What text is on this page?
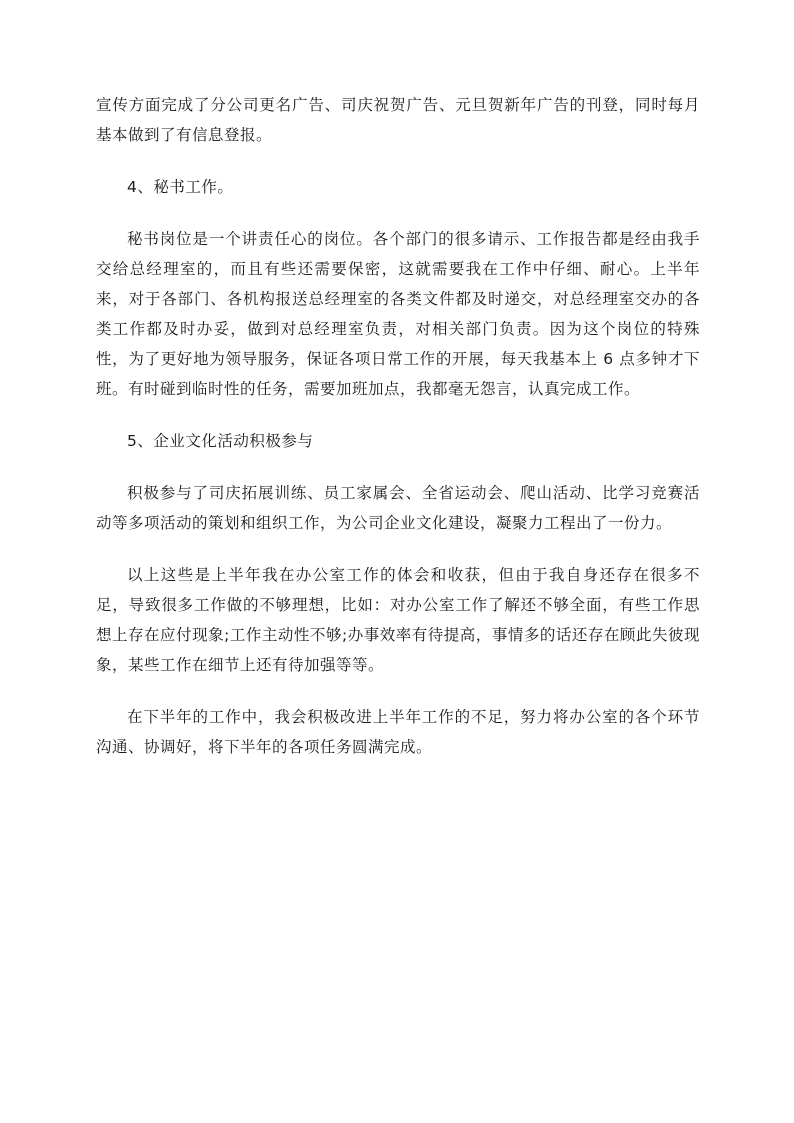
宣传方面完成了分公司更名广告、司庆祝贺广告、元旦贺新年广告的刊登，同时每月基本做到了有信息登报。

4、秘书工作。

秘书岗位是一个讲责任心的岗位。各个部门的很多请示、工作报告都是经由我手交给总经理室的，而且有些还需要保密，这就需要我在工作中仔细、耐心。上半年来，对于各部门、各机构报送总经理室的各类文件都及时递交，对总经理室交办的各类工作都及时办妥，做到对总经理室负责，对相关部门负责。因为这个岗位的特殊性，为了更好地为领导服务，保证各项日常工作的开展，每天我基本上 6 点多钟才下班。有时碰到临时性的任务，需要加班加点，我都毫无怨言，认真完成工作。

5、企业文化活动积极参与

积极参与了司庆拓展训练、员工家属会、全省运动会、爬山活动、比学习竞赛活动等多项活动的策划和组织工作，为公司企业文化建设，凝聚力工程出了一份力。

以上这些是上半年我在办公室工作的体会和收获，但由于我自身还存在很多不足，导致很多工作做的不够理想，比如：对办公室工作了解还不够全面，有些工作思想上存在应付现象;工作主动性不够;办事效率有待提高，事情多的话还存在顾此失彼现象，某些工作在细节上还有待加强等等。

在下半年的工作中，我会积极改进上半年工作的不足，努力将办公室的各个环节沟通、协调好，将下半年的各项任务圆满完成。
